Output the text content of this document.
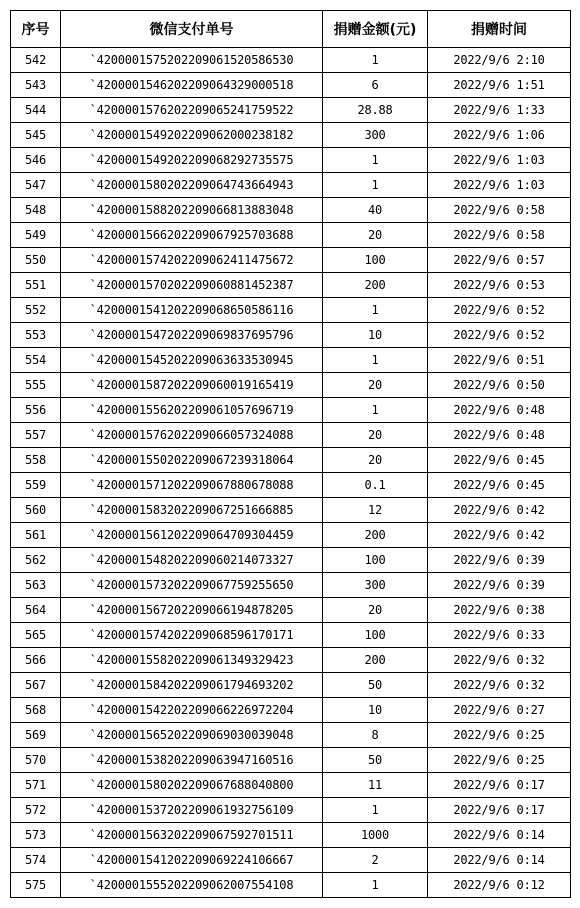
序号	微信支付单号	捐赠金额(元)	捐赠时间
542	`4200001575202209061520586530	1	2022/9/6 2:10
543	`4200001546202209064329000518	6	2022/9/6 1:51
544	`4200001576202209065241759522	28.88	2022/9/6 1:33
545	`4200001549202209062000238182	300	2022/9/6 1:06
546	`4200001549202209068292735575	1	2022/9/6 1:03
547	`4200001580202209064743664943	1	2022/9/6 1:03
548	`4200001588202209066813883048	40	2022/9/6 0:58
549	`4200001566202209067925703688	20	2022/9/6 0:58
550	`4200001574202209062411475672	100	2022/9/6 0:57
551	`4200001570202209060881452387	200	2022/9/6 0:53
552	`4200001541202209068650586116	1	2022/9/6 0:52
553	`4200001547202209069837695796	10	2022/9/6 0:52
554	`4200001545202209063633530945	1	2022/9/6 0:51
555	`4200001587202209060019165419	20	2022/9/6 0:50
556	`4200001556202209061057696719	1	2022/9/6 0:48
557	`4200001576202209066057324088	20	2022/9/6 0:48
558	`4200001550202209067239318064	20	2022/9/6 0:45
559	`4200001571202209067880678088	0.1	2022/9/6 0:45
560	`4200001583202209067251666885	12	2022/9/6 0:42
561	`4200001561202209064709304459	200	2022/9/6 0:42
562	`4200001548202209060214073327	100	2022/9/6 0:39
563	`4200001573202209067759255650	300	2022/9/6 0:39
564	`4200001567202209066194878205	20	2022/9/6 0:38
565	`4200001574202209068596170171	100	2022/9/6 0:33
566	`4200001558202209061349329423	200	2022/9/6 0:32
567	`4200001584202209061794693202	50	2022/9/6 0:32
568	`4200001542202209066226972204	10	2022/9/6 0:27
569	`4200001565202209069030039048	8	2022/9/6 0:25
570	`4200001538202209063947160516	50	2022/9/6 0:25
571	`4200001580202209067688040800	11	2022/9/6 0:17
572	`4200001537202209061932756109	1	2022/9/6 0:17
573	`4200001563202209067592701511	1000	2022/9/6 0:14
574	`4200001541202209069224106667	2	2022/9/6 0:14
575	`4200001555202209062007554108	1	2022/9/6 0:12
